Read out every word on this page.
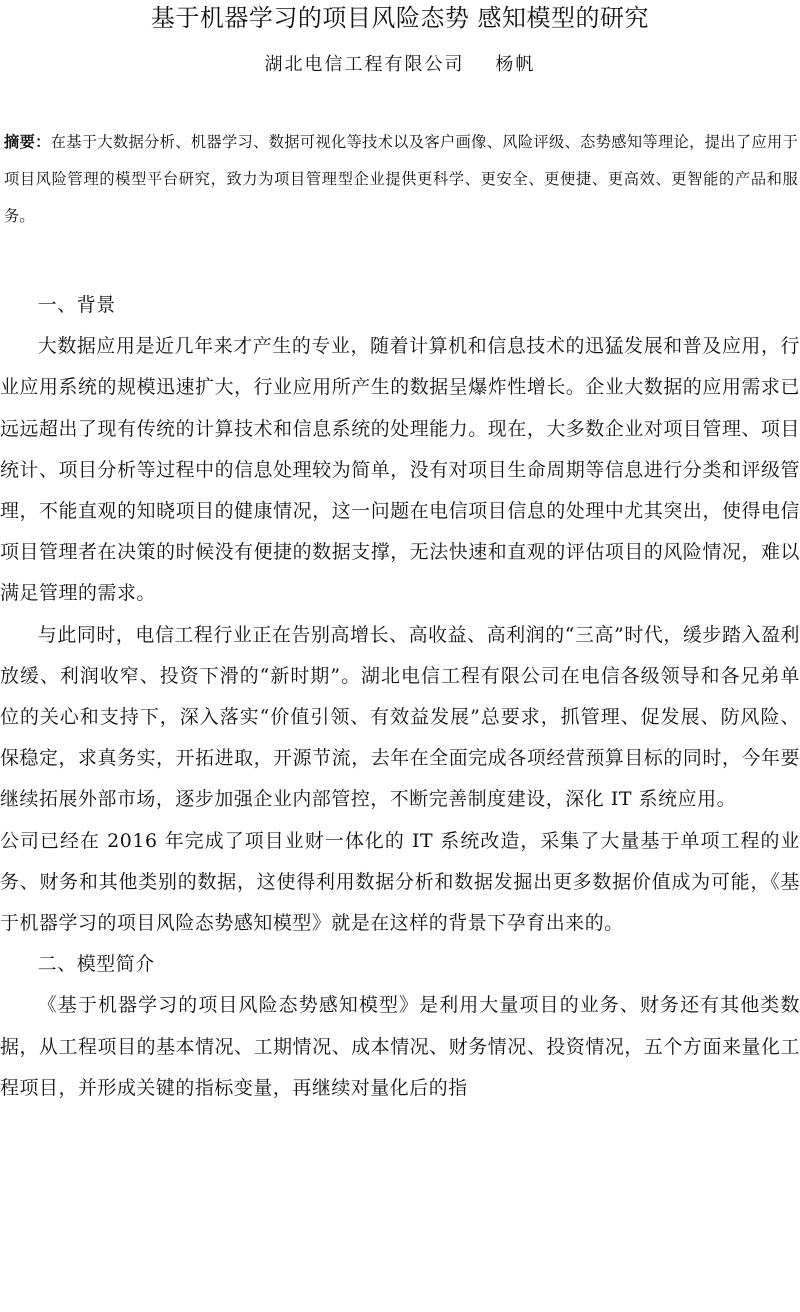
基于机器学习的项目风险态势 感知模型的研究
湖北电信工程有限公司    杨帆
摘要：在基于大数据分析、机器学习、数据可视化等技术以及客户画像、风险评级、态势感知等理论，提出了应用于项目风险管理的模型平台研究，致力为项目管理型企业提供更科学、更安全、更便捷、更高效、更智能的产品和服务。

一、背景

大数据应用是近几年来才产生的专业，随着计算机和信息技术的迅猛发展和普及应用，行业应用系统的规模迅速扩大，行业应用所产生的数据呈爆炸性增长。企业大数据的应用需求已远远超出了现有传统的计算技术和信息系统的处理能力。现在，大多数企业对项目管理、项目统计、项目分析等过程中的信息处理较为简单，没有对项目生命周期等信息进行分类和评级管理，不能直观的知晓项目的健康情况，这一问题在电信项目信息的处理中尤其突出，使得电信项目管理者在决策的时候没有便捷的数据支撑，无法快速和直观的评估项目的风险情况，难以满足管理的需求。

与此同时，电信工程行业正在告别高增长、高收益、高利润的“三高”时代，缓步踏入盈利放缓、利润收窄、投资下滑的“新时期”。湖北电信工程有限公司在电信各级领导和各兄弟单位的关心和支持下，深入落实“价值引领、有效益发展”总要求，抓管理、促发展、防风险、保稳定，求真务实，开拓进取，开源节流，去年在全面完成各项经营预算目标的同时，今年要继续拓展外部市场，逐步加强企业内部管控，不断完善制度建设，深化 IT 系统应用。

公司已经在 2016 年完成了项目业财一体化的 IT 系统改造，采集了大量基于单项工程的业务、财务和其他类别的数据，这使得利用数据分析和数据发掘出更多数据价值成为可能，《基于机器学习的项目风险态势感知模型》就是在这样的背景下孕育出来的。

二、模型简介

《基于机器学习的项目风险态势感知模型》是利用大量项目的业务、财务还有其他类数据，从工程项目的基本情况、工期情况、成本情况、财务情况、投资情况，五个方面来量化工程项目，并形成关键的指标变量，再继续对量化后的指
